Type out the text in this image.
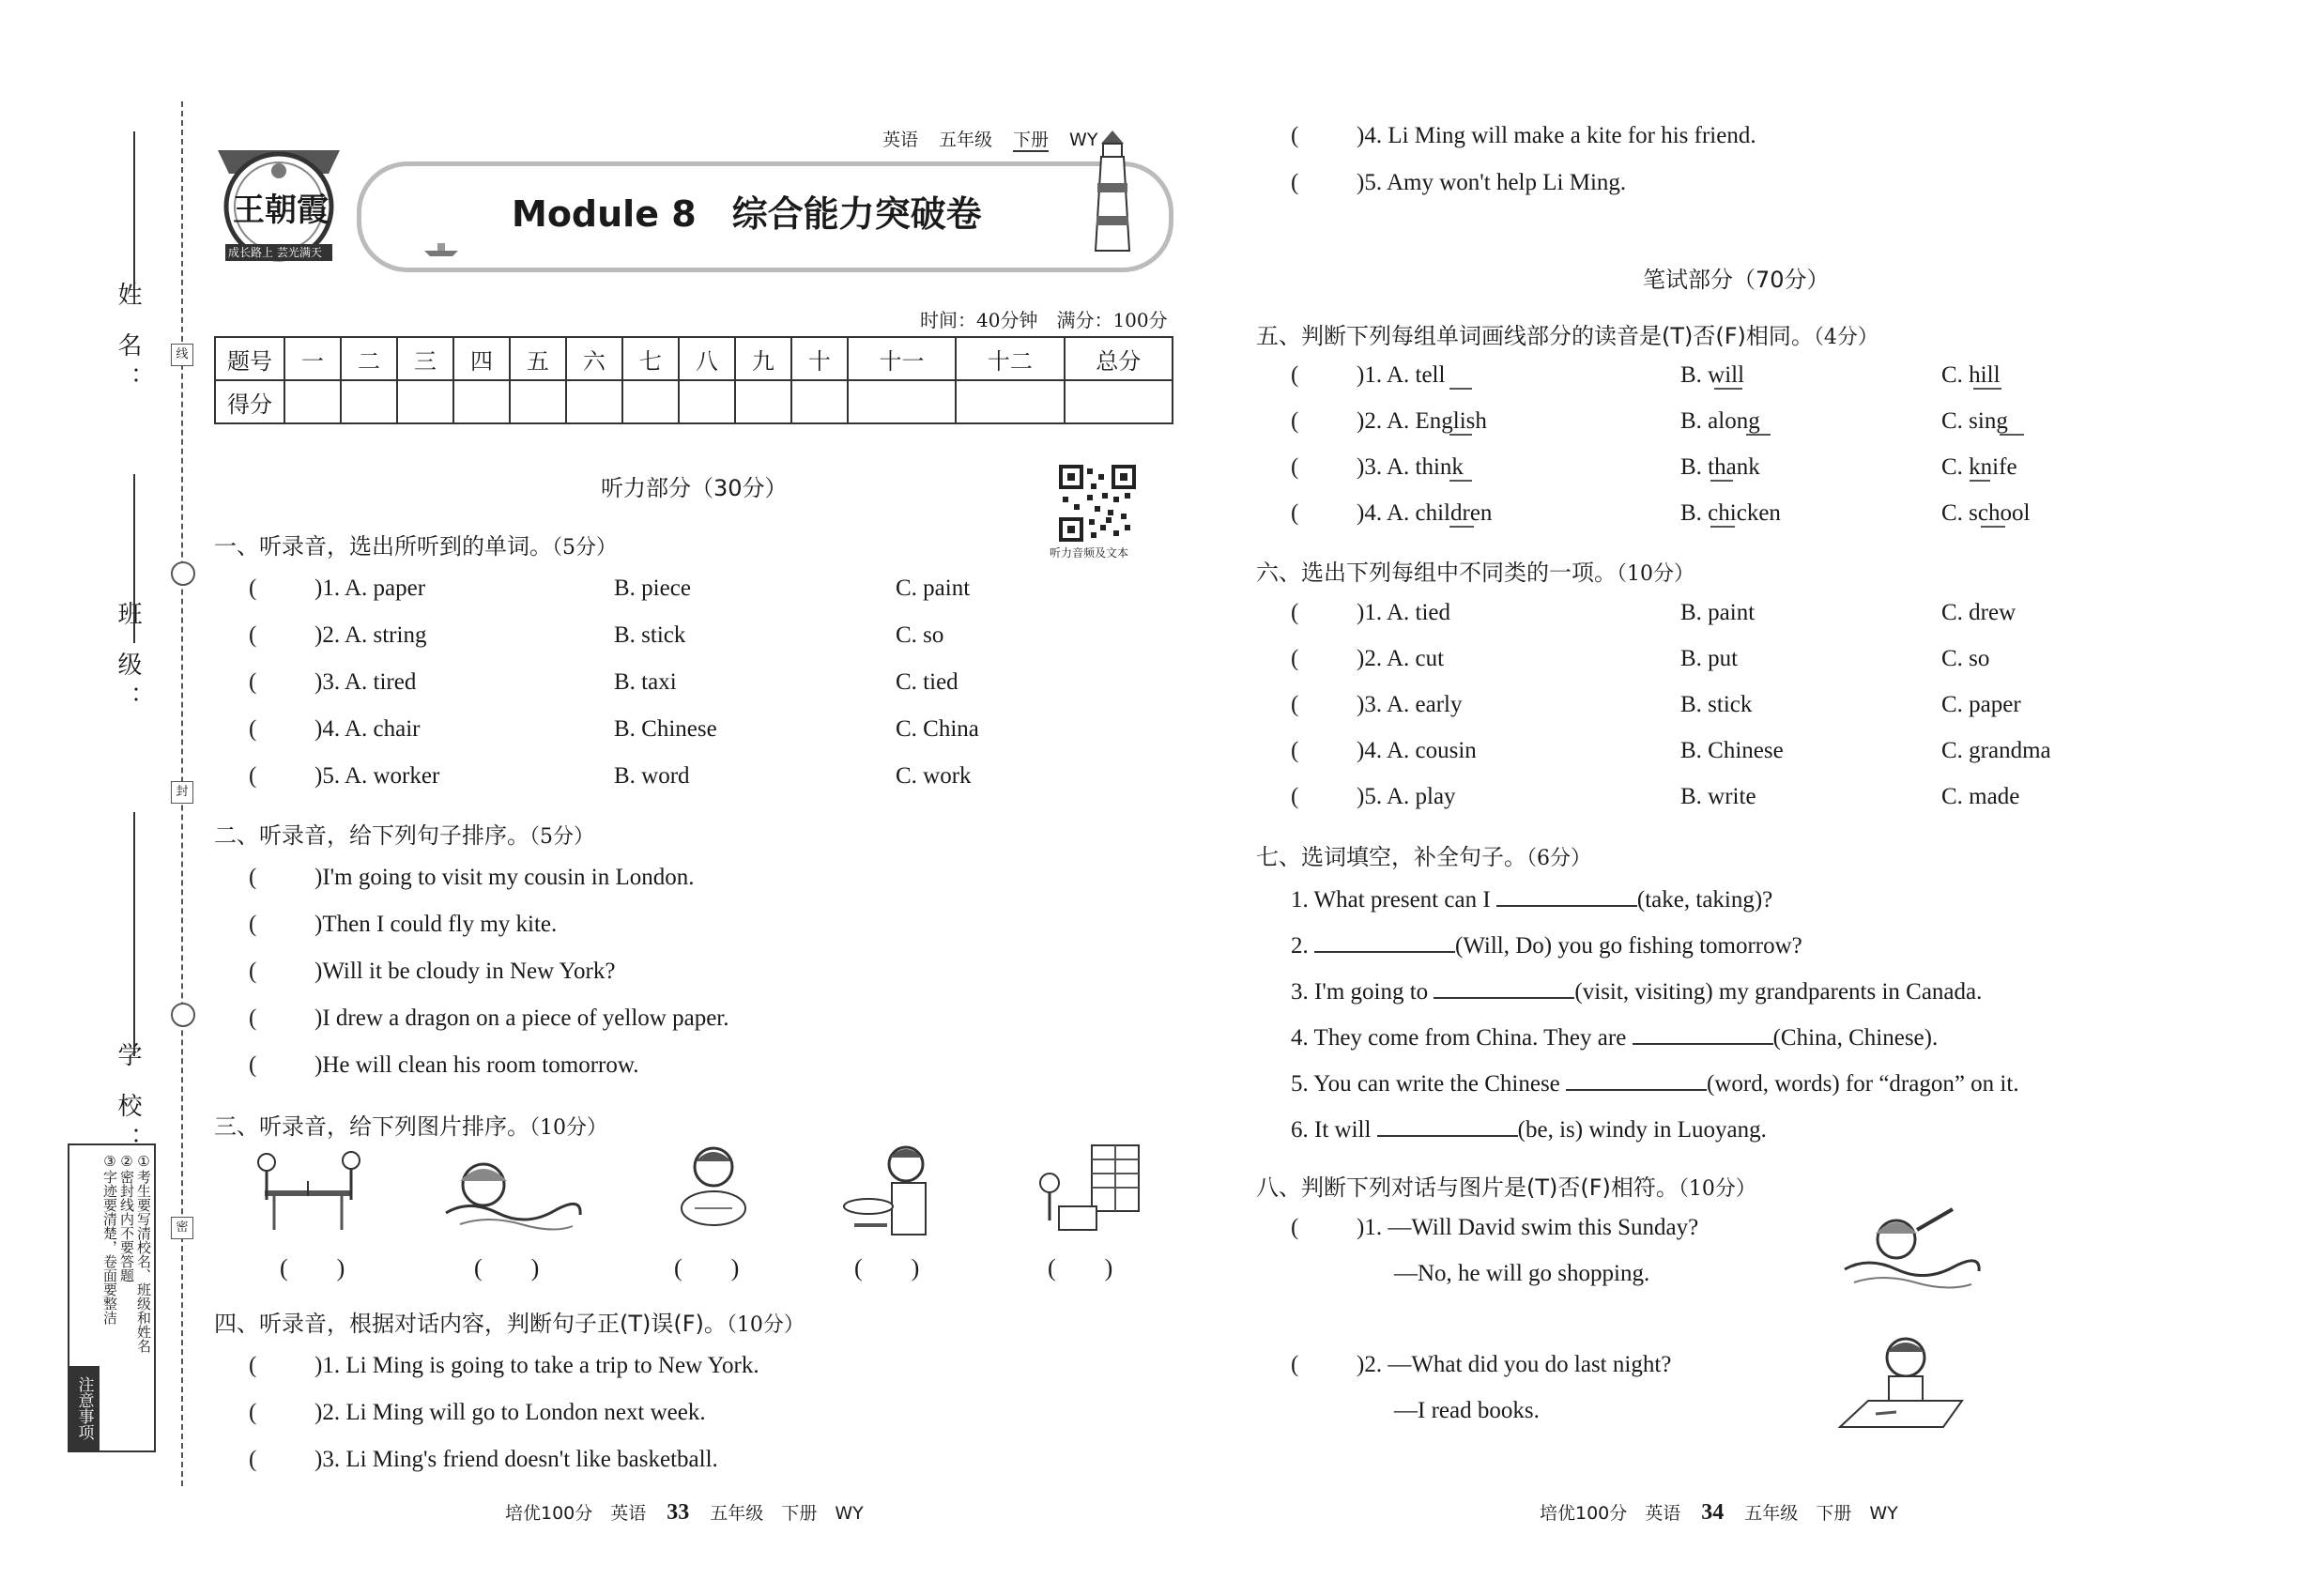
姓 名：
班 级：
学 校：
线
封
密
①考生要写清校名、班级和姓名
②密封线内不要答题
③字迹要清楚，卷面要整洁
注意事项
王朝霞
成长路上 芸光满天
Module 8　综合能力突破卷
英语 五年级 下册 WY
时间：40分钟　满分：100分
题号	一	二	三	四	五	六	七	八	九	十	十一	十二	总分
得分													
听力部分（30分）
听力音频及文本
一、听录音，选出所听到的单词。（5分）
( )1. A. paper	B. piece	C. paint
( )2. A. string	B. stick	C. so
( )3. A. tired	B. taxi	C. tied
( )4. A. chair	B. Chinese	C. China
( )5. A. worker	B. word	C. work
二、听录音，给下列句子排序。（5分）
( )I'm going to visit my cousin in London.
( )Then I could fly my kite.
( )Will it be cloudy in New York?
( )I drew a dragon on a piece of yellow paper.
( )He will clean his room tomorrow.
三、听录音，给下列图片排序。（10分）
(　　)	(　　)	(　　)	(　　)	(　　)
四、听录音，根据对话内容，判断句子正(T)误(F)。（10分）
( )1. Li Ming is going to take a trip to New York.
( )2. Li Ming will go to London next week.
( )3. Li Ming's friend doesn't like basketball.
( )4. Li Ming will make a kite for his friend.
( )5. Amy won't help Li Ming.
笔试部分（70分）
五、判断下列每组单词画线部分的读音是(T)否(F)相同。（4分）
( )1. A. tell	B. will	C. hill
( )2. A. English	B. along	C. sing
( )3. A. think	B. thank	C. knife
( )4. A. children	B. chicken	C. school
六、选出下列每组中不同类的一项。（10分）
( )1. A. tied	B. paint	C. drew
( )2. A. cut	B. put	C. so
( )3. A. early	B. stick	C. paper
( )4. A. cousin	B. Chinese	C. grandma
( )5. A. play	B. write	C. made
七、选词填空，补全句子。（6分）
1. What present can I	(take, taking)?
2.	(Will, Do) you go fishing tomorrow?
3. I'm going to	(visit, visiting) my grandparents in Canada.
4. They come from China. They are	(China, Chinese).
5. You can write the Chinese	(word, words) for “dragon” on it.
6. It will	(be, is) windy in Luoyang.
八、判断下列对话与图片是(T)否(F)相符。（10分）
( )1. —Will David swim this Sunday?
—No, he will go shopping.
( )2. —What did you do last night?
—I read books.
培优100分　 英语 33 五年级　 下册　 WY	培优100分　 英语 34 五年级　 下册　 WY
